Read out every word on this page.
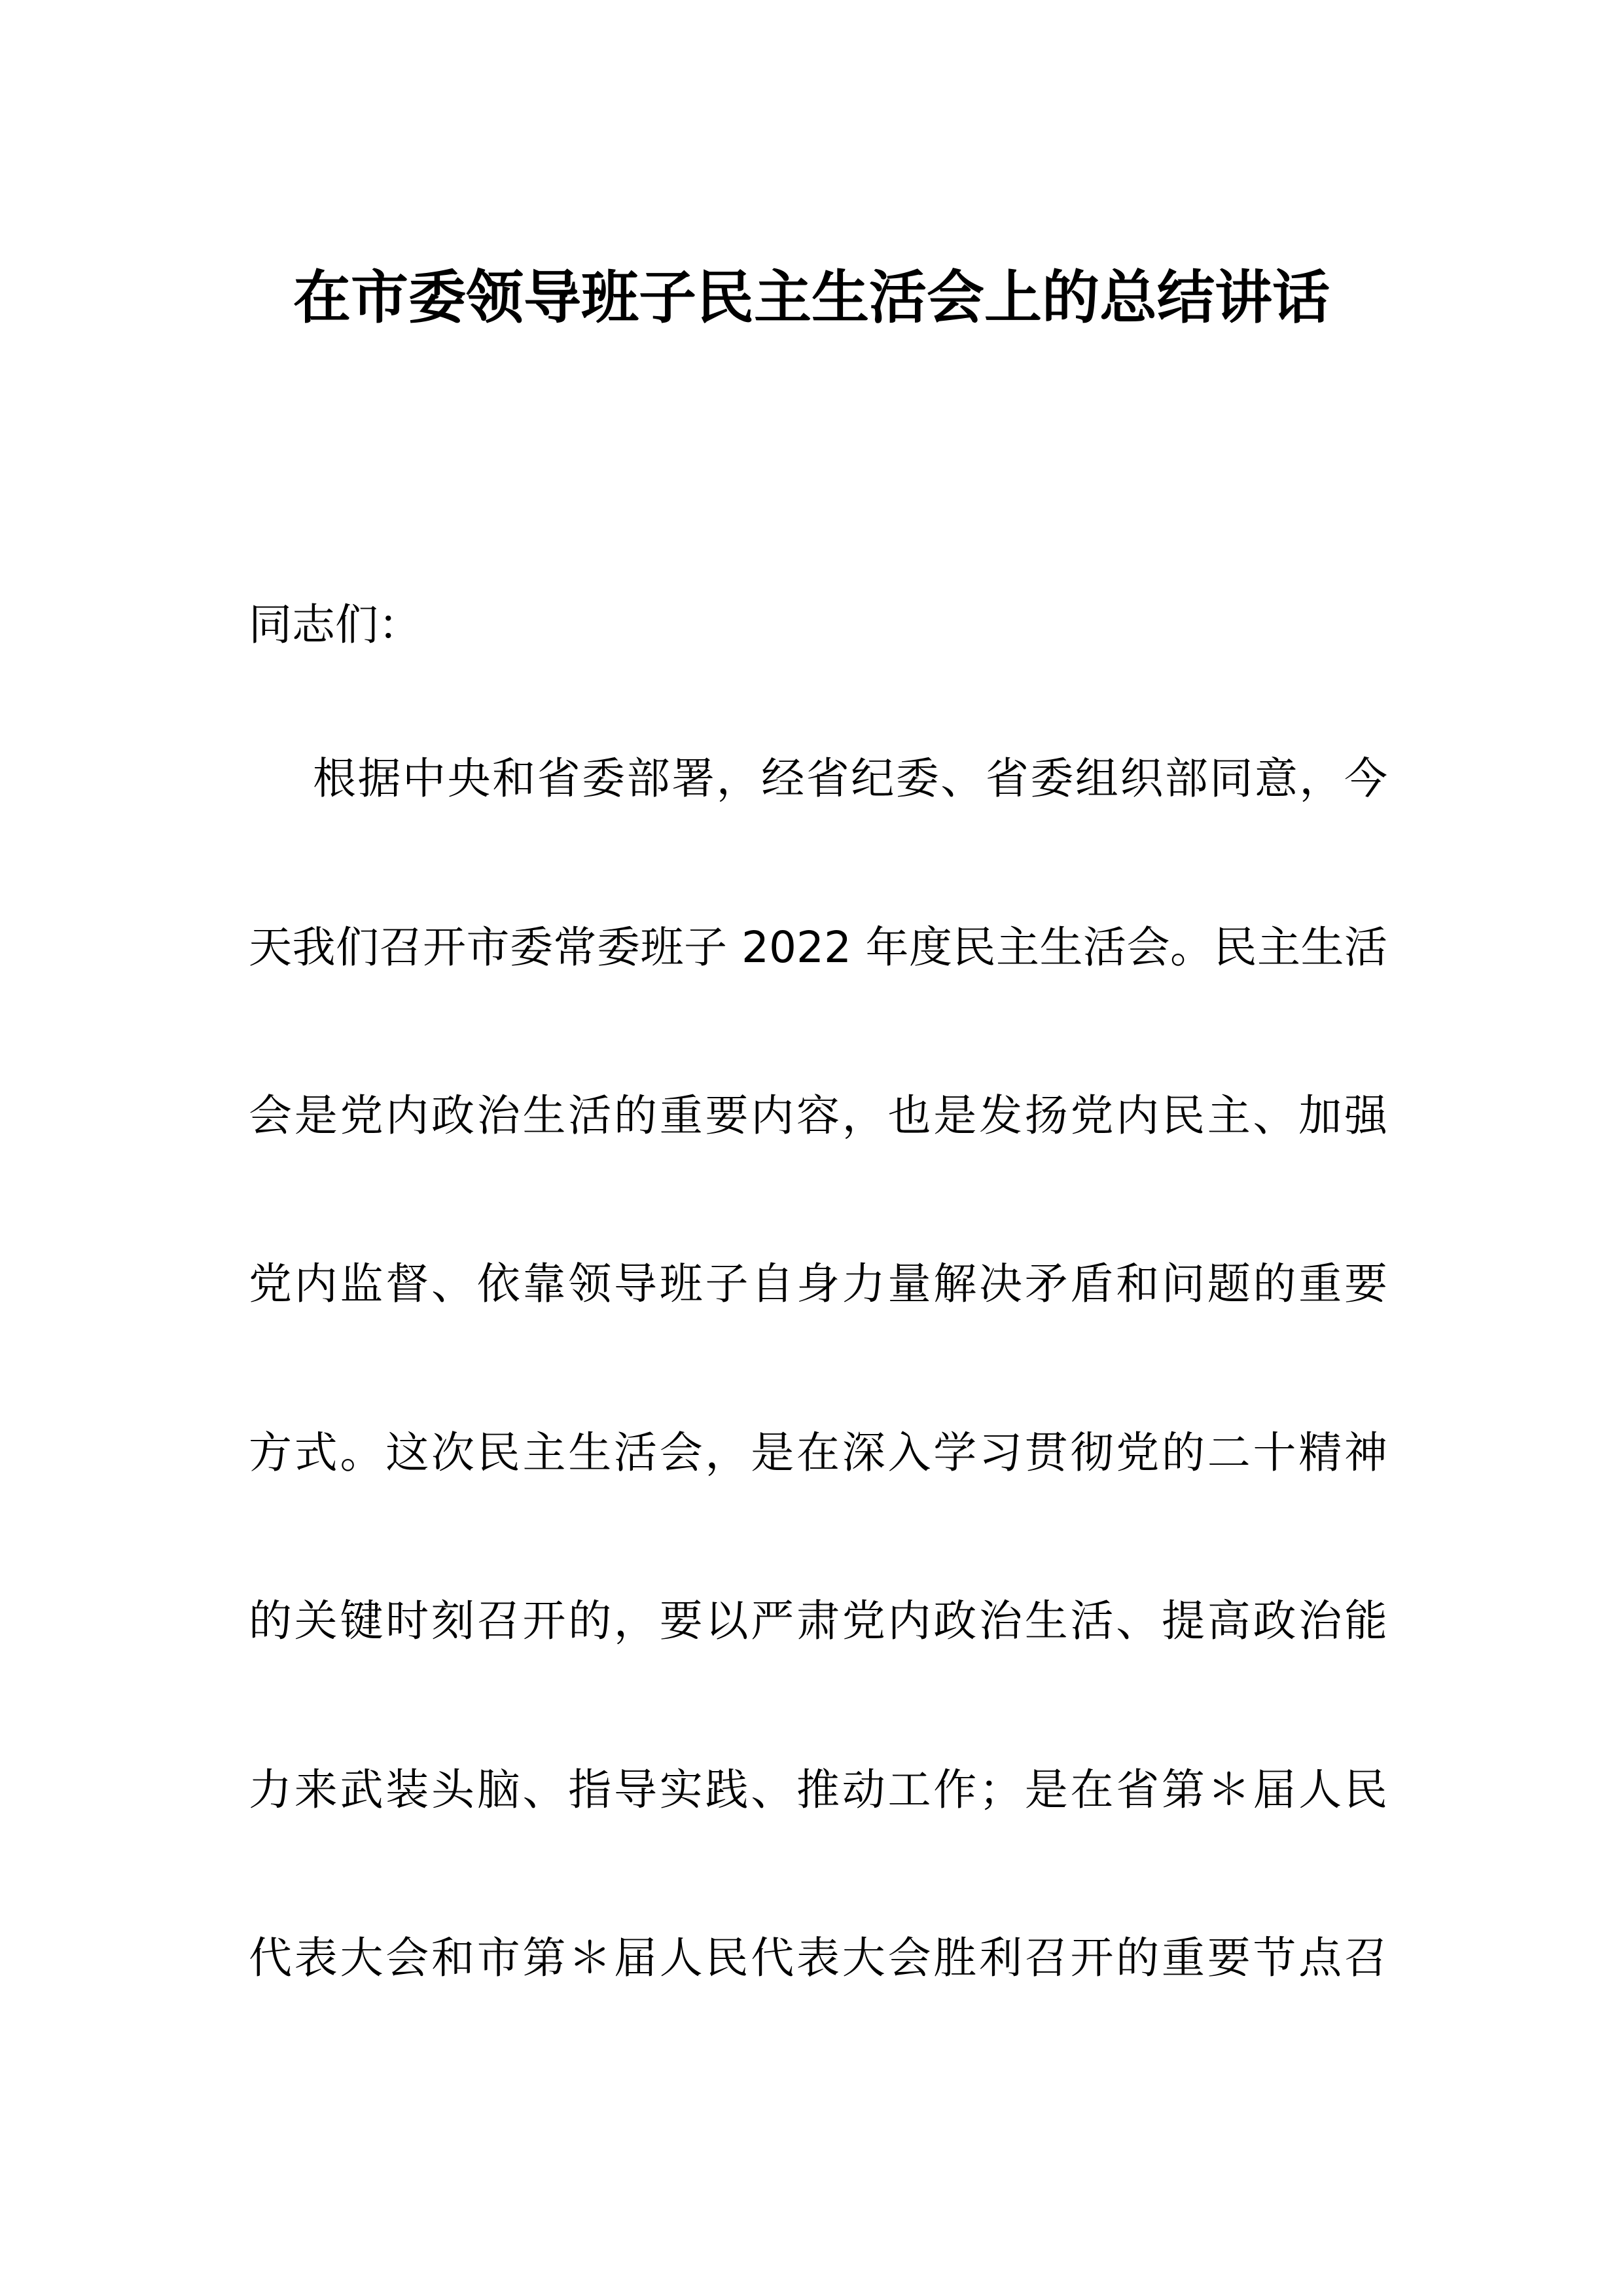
在市委领导班子民主生活会上的总结讲话

同志们：

根据中央和省委部署，经省纪委、省委组织部同意，今

天我们召开市委常委班子 2022 年度民主生活会。民主生活

会是党内政治生活的重要内容，也是发扬党内民主、加强

党内监督、依靠领导班子自身力量解决矛盾和问题的重要

方式。这次民主生活会，是在深入学习贯彻党的二十精神

的关键时刻召开的，要以严肃党内政治生活、提高政治能

力来武装头脑、指导实践、推动工作；是在省第＊届人民

代表大会和市第＊届人民代表大会胜利召开的重要节点召
